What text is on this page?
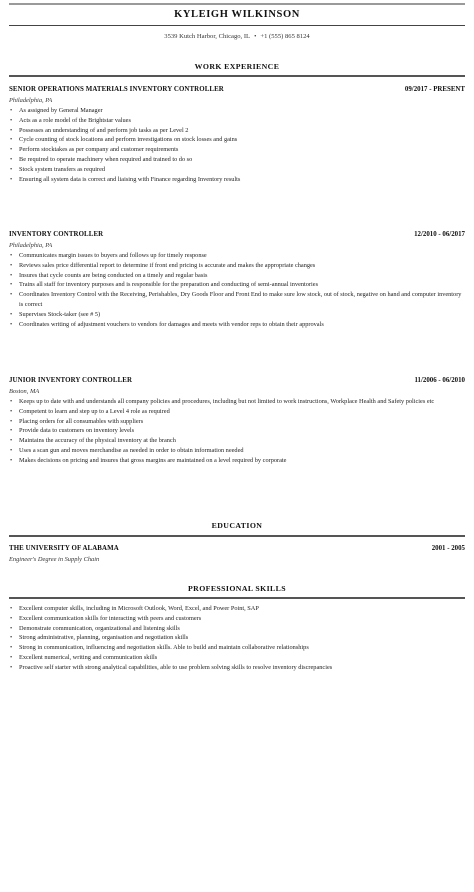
KYLEIGH WILKINSON
3539 Kutch Harbor, Chicago, IL • +1 (555) 865 8124
WORK EXPERIENCE
SENIOR OPERATIONS MATERIALS INVENTORY CONTROLLER	09/2017 - PRESENT
Philadelphia, PA
• As assigned by General Manager
• Acts as a role model of the Brightstar values
• Possesses an understanding of and perform job tasks as per Level 2
• Cycle counting of stock locations and perform investigations on stock losses and gains
• Perform stocktakes as per company and customer requirements
• Be required to operate machinery when required and trained to do so
• Stock system transfers as required
• Ensuring all system data is correct and liaising with Finance regarding Inventory results
INVENTORY CONTROLLER	12/2010 - 06/2017
Philadelphia, PA
• Communicates margin issues to buyers and follows up for timely response
• Reviews sales price differential report to determine if front end pricing is accurate and makes the appropriate changes
• Insures that cycle counts are being conducted on a timely and regular basis
• Trains all staff for inventory purposes and is responsible for the preparation and conducting of semi-annual inventories
• Coordinates Inventory Control with the Receiving, Perishables, Dry Goods Floor and Front End to make sure low stock, out of stock, negative on hand and computer inventory is correct
• Supervises Stock-taker (see # 5)
• Coordinates writing of adjustment vouchers to vendors for damages and meets with vendor reps to obtain their approvals
JUNIOR INVENTORY CONTROLLER	11/2006 - 06/2010
Boston, MA
• Keeps up to date with and understands all company policies and procedures, including but not limited to work instructions, Workplace Health and Safety policies etc
• Competent to learn and step up to a Level 4 role as required
• Placing orders for all consumables with suppliers
• Provide data to customers on inventory levels
• Maintains the accuracy of the physical inventory at the branch
• Uses a scan gun and moves merchandise as needed in order to obtain information needed
• Makes decisions on pricing and insures that gross margins are maintained on a level required by corporate
EDUCATION
THE UNIVERSITY OF ALABAMA	2001 - 2005
Engineer's Degree in Supply Chain
PROFESSIONAL SKILLS
• Excellent computer skills, including in Microsoft Outlook, Word, Excel, and Power Point, SAP
• Excellent communication skills for interacting with peers and customers
• Demonstrate communication, organizational and listening skills
• Strong administrative, planning, organisation and negotiation skills
• Strong in communication, influencing and negotiation skills. Able to build and maintain collaborative relationships
• Excellent numerical, writing and communication skills
• Proactive self starter with strong analytical capabilities, able to use problem solving skills to resolve inventory discrepancies
